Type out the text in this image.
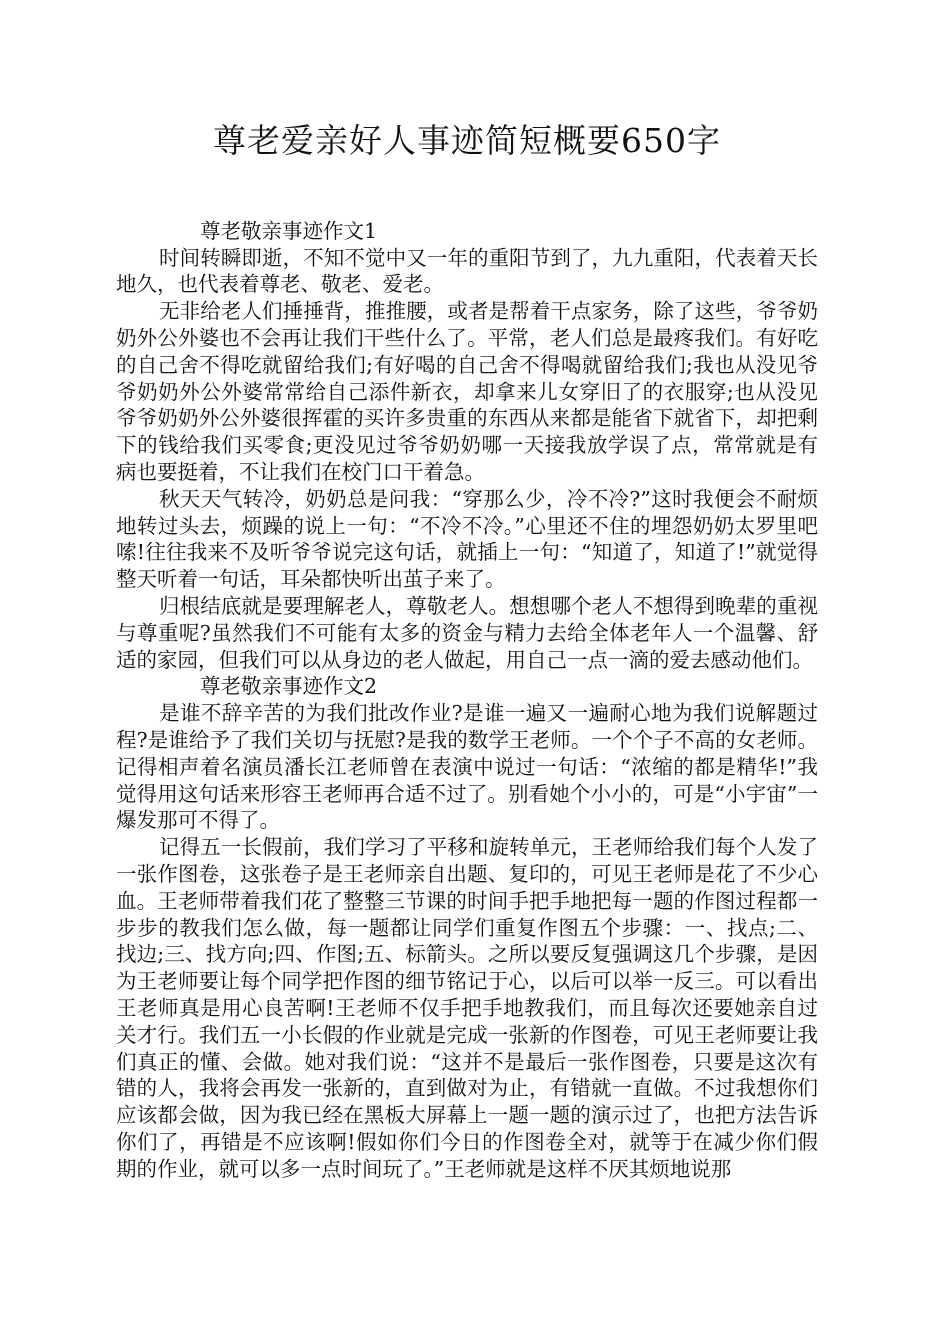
尊老爱亲好人事迹简短概要650字

尊老敬亲事迹作文1

时间转瞬即逝，不知不觉中又一年的重阳节到了，九九重阳，代表着天长地久，也代表着尊老、敬老、爱老。

无非给老人们捶捶背，推推腰，或者是帮着干点家务，除了这些，爷爷奶奶外公外婆也不会再让我们干些什么了。平常，老人们总是最疼我们。有好吃的自己舍不得吃就留给我们;有好喝的自己舍不得喝就留给我们;我也从没见爷爷奶奶外公外婆常常给自己添件新衣，却拿来儿女穿旧了的衣服穿;也从没见爷爷奶奶外公外婆很挥霍的买许多贵重的东西从来都是能省下就省下，却把剩下的钱给我们买零食;更没见过爷爷奶奶哪一天接我放学误了点，常常就是有病也要挺着，不让我们在校门口干着急。

秋天天气转冷，奶奶总是问我：“穿那么少，冷不冷?”这时我便会不耐烦地转过头去，烦躁的说上一句：“不冷不冷。”心里还不住的埋怨奶奶太罗里吧嗦!往往我来不及听爷爷说完这句话，就插上一句：“知道了，知道了!”就觉得整天听着一句话，耳朵都快听出茧子来了。

归根结底就是要理解老人，尊敬老人。想想哪个老人不想得到晚辈的重视与尊重呢?虽然我们不可能有太多的资金与精力去给全体老年人一个温馨、舒适的家园，但我们可以从身边的老人做起，用自己一点一滴的爱去感动他们。

尊老敬亲事迹作文2

是谁不辞辛苦的为我们批改作业?是谁一遍又一遍耐心地为我们说解题过程?是谁给予了我们关切与抚慰?是我的数学王老师。一个个子不高的女老师。记得相声着名演员潘长江老师曾在表演中说过一句话：“浓缩的都是精华!”我觉得用这句话来形容王老师再合适不过了。别看她个小小的，可是“小宇宙”一爆发那可不得了。

记得五一长假前，我们学习了平移和旋转单元，王老师给我们每个人发了一张作图卷，这张卷子是王老师亲自出题、复印的，可见王老师是花了不少心血。王老师带着我们花了整整三节课的时间手把手地把每一题的作图过程都一步步的教我们怎么做，每一题都让同学们重复作图五个步骤：一、找点;二、找边;三、找方向;四、作图;五、标箭头。之所以要反复强调这几个步骤，是因为王老师要让每个同学把作图的细节铭记于心，以后可以举一反三。可以看出王老师真是用心良苦啊!王老师不仅手把手地教我们，而且每次还要她亲自过关才行。我们五一小长假的作业就是完成一张新的作图卷，可见王老师要让我们真正的懂、会做。她对我们说：“这并不是最后一张作图卷，只要是这次有错的人，我将会再发一张新的，直到做对为止，有错就一直做。不过我想你们应该都会做，因为我已经在黑板大屏幕上一题一题的演示过了，也把方法告诉你们了，再错是不应该啊!假如你们今日的作图卷全对，就等于在减少你们假期的作业，就可以多一点时间玩了。”王老师就是这样不厌其烦地说那
